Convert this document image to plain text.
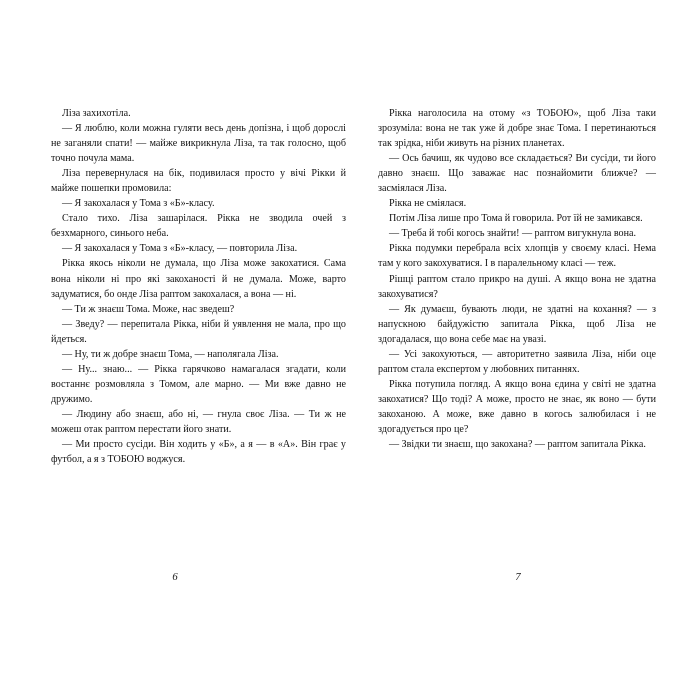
Ліза захихотіла.

— Я люблю, коли можна гуляти весь день допізна, і щоб дорослі не заганяли спати! — майже викрикнула Ліза, та так голосно, щоб точно почула мама.

Ліза перевернулася на бік, подивилася просто у вічі Рікки й майже пошепки промовила:

— Я закохалася у Тома з «Б»-класу.

Стало тихо. Ліза зашарілася. Рікка не зводила очей з безхмарного, синього неба.

— Я закохалася у Тома з «Б»-класу, — повторила Ліза.

Рікка якось ніколи не думала, що Ліза може закохатися. Сама вона ніколи ні про які закоханості й не думала. Може, варто задуматися, бо онде Ліза раптом закохалася, а вона — ні.

— Ти ж знаєш Тома. Може, нас зведеш?

— Зведу? — перепитала Рікка, ніби й уявлення не мала, про що йдеться.

— Ну, ти ж добре знаєш Тома, — наполягала Ліза.

— Ну... знаю... — Рікка гарячково намагалася згадати, коли востаннє розмовляла з Томом, але марно. — Ми вже давно не дружимо.

— Людину або знаєш, або ні, — гнула своє Ліза. — Ти ж не можеш отак раптом перестати його знати.

— Ми просто сусіди. Він ходить у «Б», а я — в «А». Він грає у футбол, а я з ТОБОЮ воджуся.

6

Рікка наголосила на отому «з ТОБОЮ», щоб Ліза таки зрозуміла: вона не так уже й добре знає Тома. І перетинаються так зрідка, ніби живуть на різних планетах.

— Ось бачиш, як чудово все складається? Ви сусіди, ти його давно знаєш. Що заважає нас познайомити ближче? — засміялася Ліза.

Рікка не сміялася.

Потім Ліза лише про Тома й говорила. Рот їй не замикався.

— Треба й тобі когось знайти! — раптом вигукнула вона.

Рікка подумки перебрала всіх хлопців у своєму класі. Нема там у кого закохуватися. І в паралельному класі — теж.

Рішці раптом стало прикро на душі. А якщо вона не здатна закохуватися?

— Як думаєш, бувають люди, не здатні на кохання? — з напускною байдужістю запитала Рікка, щоб Ліза не здогадалася, що вона себе має на увазі.

— Усі закохуються, — авторитетно заявила Ліза, ніби оце раптом стала експертом у любовних питаннях.

Рікка потупила погляд. А якщо вона єдина у світі не здатна закохатися? Що тоді? А може, просто не знає, як воно — бути закоханою. А може, вже давно в когось залюбилася і не здогадується про це?

— Звідки ти знаєш, що закохана? — раптом запитала Рікка.

7
